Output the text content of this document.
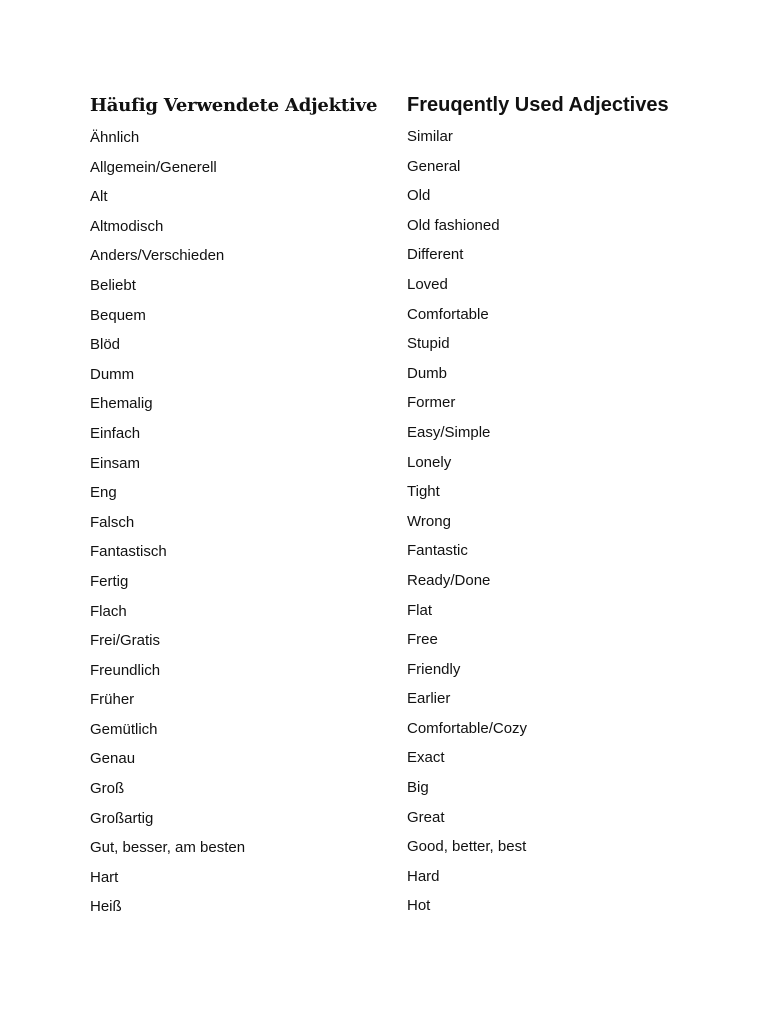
Häufig Verwendete Adjektive
Ähnlich
Allgemein/Generell
Alt
Altmodisch
Anders/Verschieden
Beliebt
Bequem
Blöd
Dumm
Ehemalig
Einfach
Einsam
Eng
Falsch
Fantastisch
Fertig
Flach
Frei/Gratis
Freundlich
Früher
Gemütlich
Genau
Groß
Großartig
Gut, besser, am besten
Hart
Heiß
Freuqently Used Adjectives
Similar
General
Old
Old fashioned
Different
Loved
Comfortable
Stupid
Dumb
Former
Easy/Simple
Lonely
Tight
Wrong
Fantastic
Ready/Done
Flat
Free
Friendly
Earlier
Comfortable/Cozy
Exact
Big
Great
Good, better, best
Hard
Hot
